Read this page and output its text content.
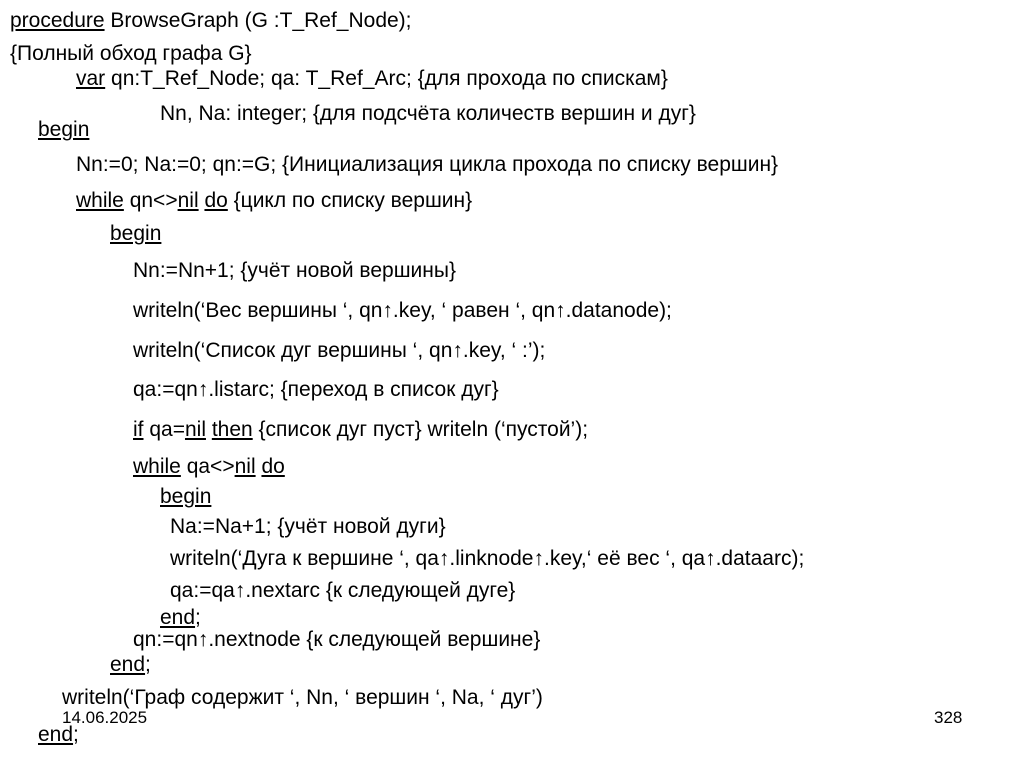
procedure BrowseGraph (G :T_Ref_Node);
{Полный обход графа G}
var qn:T_Ref_Node; qa: T_Ref_Arc; {для прохода по спискам}
Nn, Na: integer; {для подсчёта количеств вершин и дуг}
begin
Nn:=0; Na:=0; qn:=G; {Инициализация цикла прохода по списку вершин}
while qn<>nil do {цикл по списку вершин}
begin
Nn:=Nn+1; {учёт новой вершины}
writeln(‘Вес вершины ‘, qn↑.key, ‘ равен ‘, qn↑.datanode);
writeln(‘Список дуг вершины ‘, qn↑.key, ‘ :’);
qa:=qn↑.listarc; {переход в список дуг}
if qa=nil then {список дуг пуст} writeln (‘пустой’);
while qa<>nil do
begin
Na:=Na+1; {учёт новой дуги}
writeln(‘Дуга к вершине ‘, qa↑.linknode↑.key,‘ её вес ‘, qa↑.dataarc);
qa:=qa↑.nextarc {к следующей дуге}
end;
qn:=qn↑.nextnode {к следующей вершине}
end;
writeln(‘Граф содержит ‘, Nn, ‘ вершин ‘, Na, ‘ дуг’)
end;
14.06.2025	328
